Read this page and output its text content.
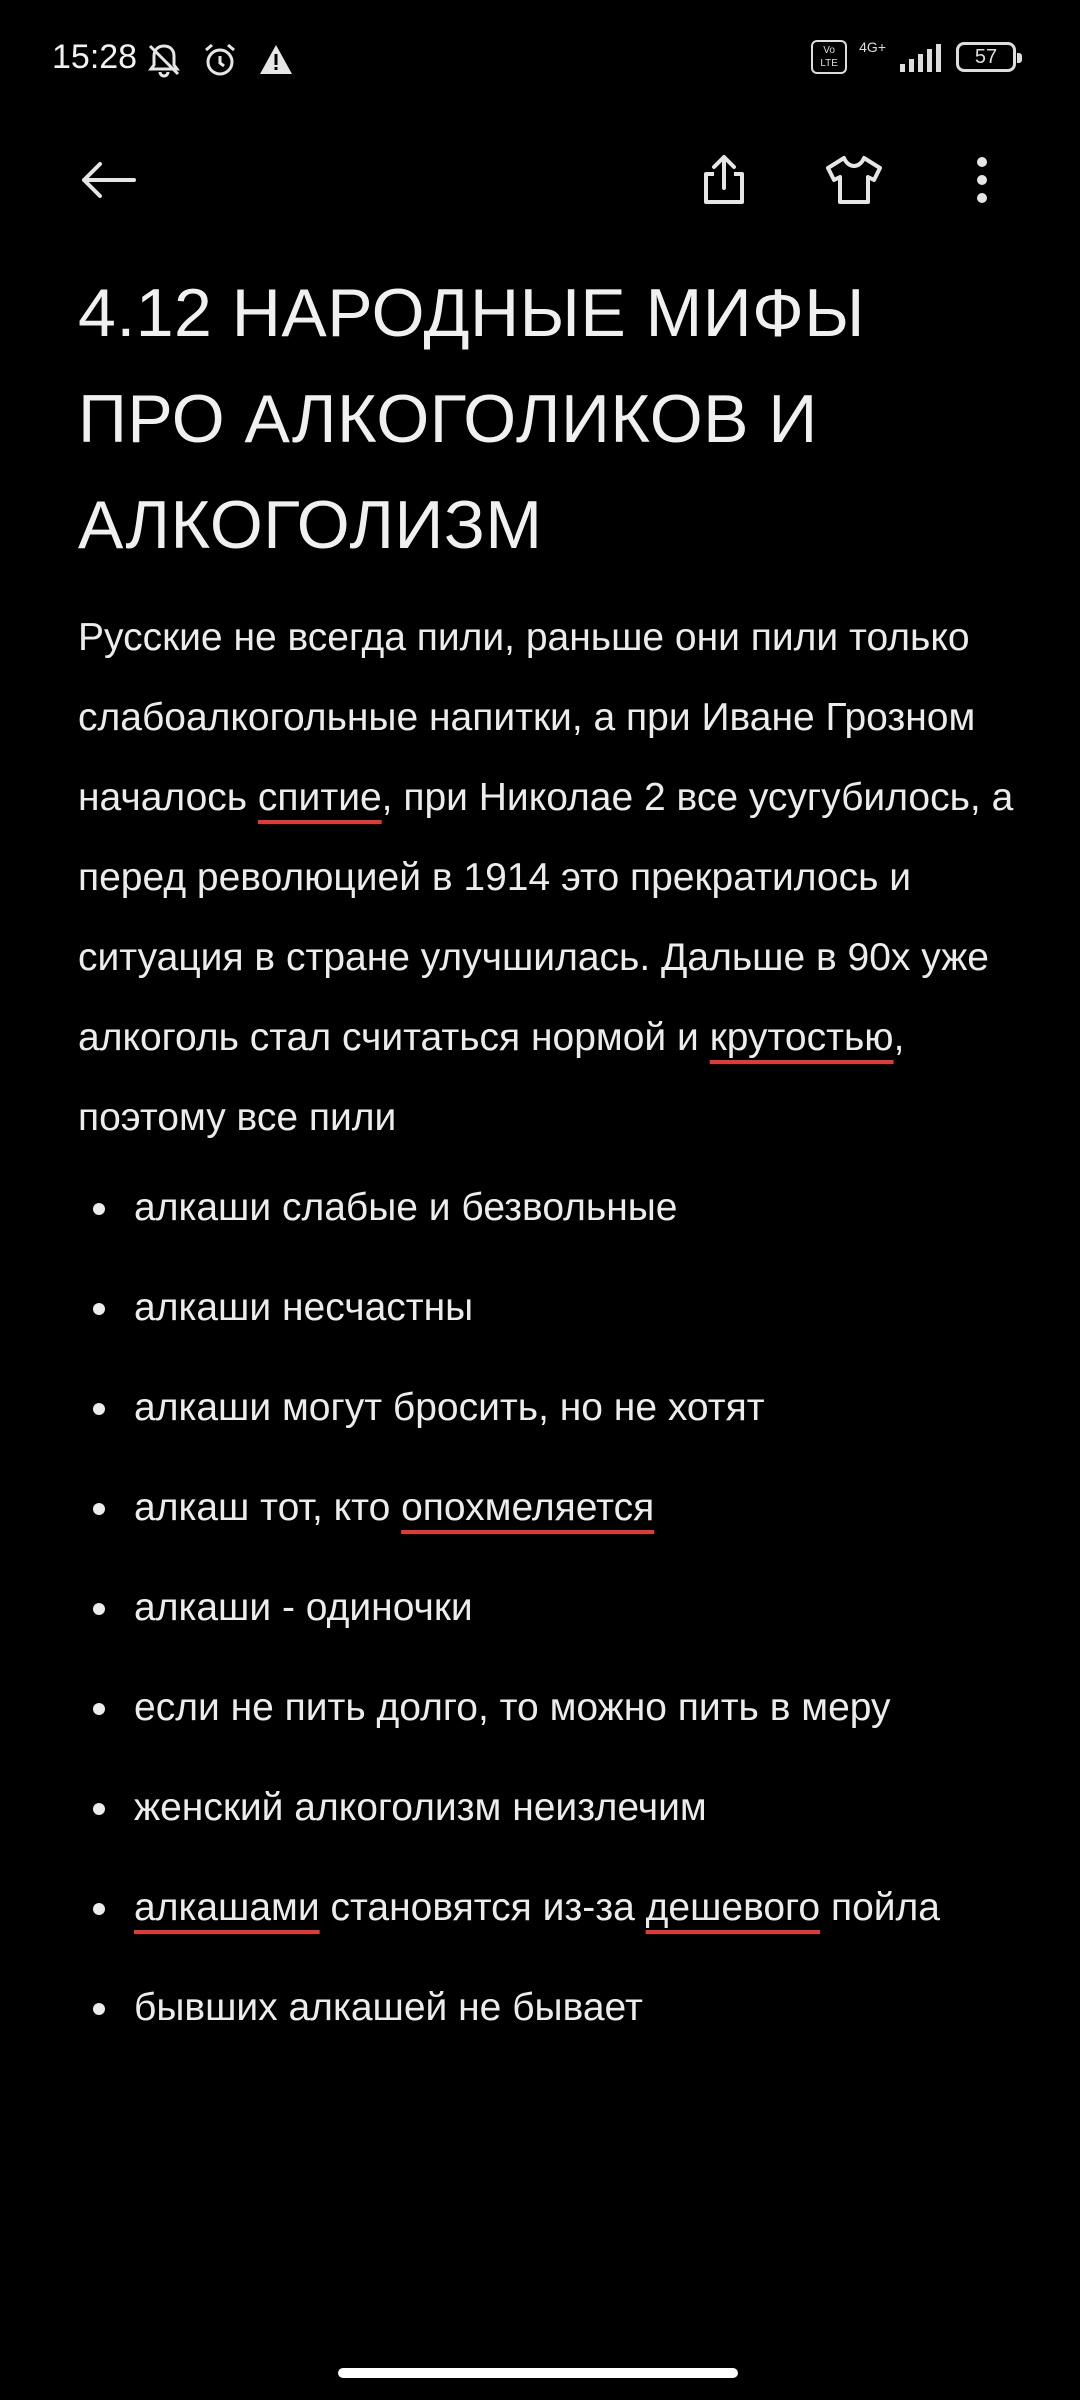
15:28	Vo LTE
4G+	57
4.12 НАРОДНЫЕ МИФЫ ПРО АЛКОГОЛИКОВ И АЛКОГОЛИЗМ

Русские не всегда пили, раньше они пили только слабоалкогольные напитки, а при Иване Грозном началось спитие, при Николае 2 все усугубилось, а перед революцией в 1914 это прекратилось и ситуация в стране улучшилась. Дальше в 90х уже алкоголь стал считаться нормой и крутостью, поэтому все пили

алкаши слабые и безвольные
алкаши несчастны
алкаши могут бросить, но не хотят
алкаш тот, кто опохмеляется
алкаши - одиночки
если не пить долго, то можно пить в меру
женский алкоголизм неизлечим
алкашами становятся из-за дешевого пойла
бывших алкашей не бывает
